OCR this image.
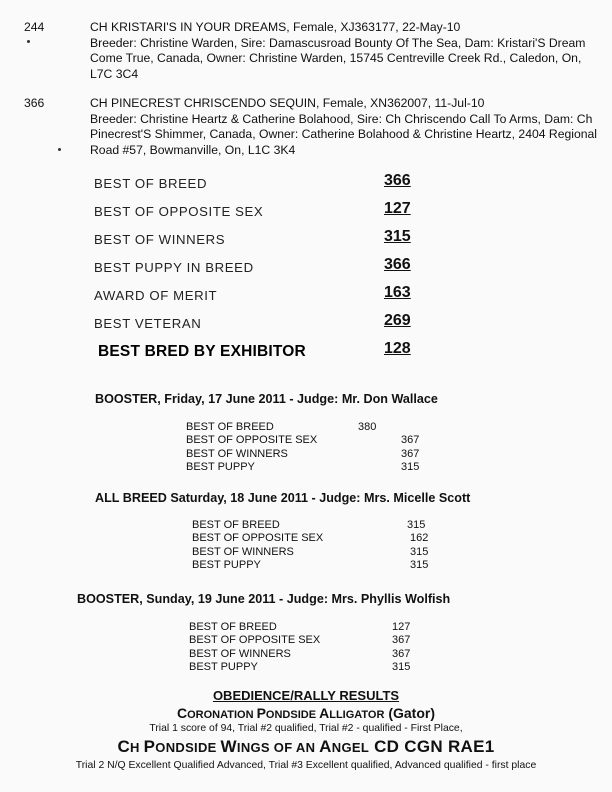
244	CH KRISTARI'S IN YOUR DREAMS, Female, XJ363177, 22-May-10
Breeder: Christine Warden, Sire: Damascusroad Bounty Of The Sea, Dam: Kristari'S Dream Come True, Canada, Owner: Christine Warden, 15745 Centreville Creek Rd., Caledon, On, L7C 3C4
366	CH PINECREST CHRISCENDO SEQUIN, Female, XN362007, 11-Jul-10
Breeder: Christine Heartz & Catherine Bolahood, Sire: Ch Chriscendo Call To Arms, Dam: Ch Pinecrest'S Shimmer, Canada, Owner: Catherine Bolahood & Christine Heartz, 2404 Regional Road #57, Bowmanville, On, L1C 3K4
BEST OF BREED	366
BEST OF OPPOSITE SEX	127
BEST OF WINNERS	315
BEST PUPPY IN BREED	366
AWARD OF MERIT	163
BEST VETERAN	269
BEST BRED BY EXHIBITOR	128
BOOSTER, Friday, 17 June 2011 - Judge: Mr. Don Wallace
BEST OF BREED	380
BEST OF OPPOSITE SEX	367
BEST OF WINNERS	367
BEST PUPPY	315
ALL BREED Saturday, 18 June 2011 - Judge: Mrs. Micelle Scott
BEST OF BREED	315
BEST OF OPPOSITE SEX	162
BEST OF WINNERS	315
BEST PUPPY	315
BOOSTER, Sunday, 19 June 2011 - Judge: Mrs. Phyllis Wolfish
BEST OF BREED	127
BEST OF OPPOSITE SEX	367
BEST OF WINNERS	367
BEST PUPPY	315
OBEDIENCE/RALLY RESULTS
CORONATION PONDSIDE ALLIGATOR (Gator)
Trial 1 score of 94, Trial #2 qualified, Trial #2 - qualified - First Place,
CH PONDSIDE WINGS OF AN ANGEL CD CGN RAE1
Trial 2 N/Q Excellent Qualified Advanced, Trial #3 Excellent qualified, Advanced qualified - first place
